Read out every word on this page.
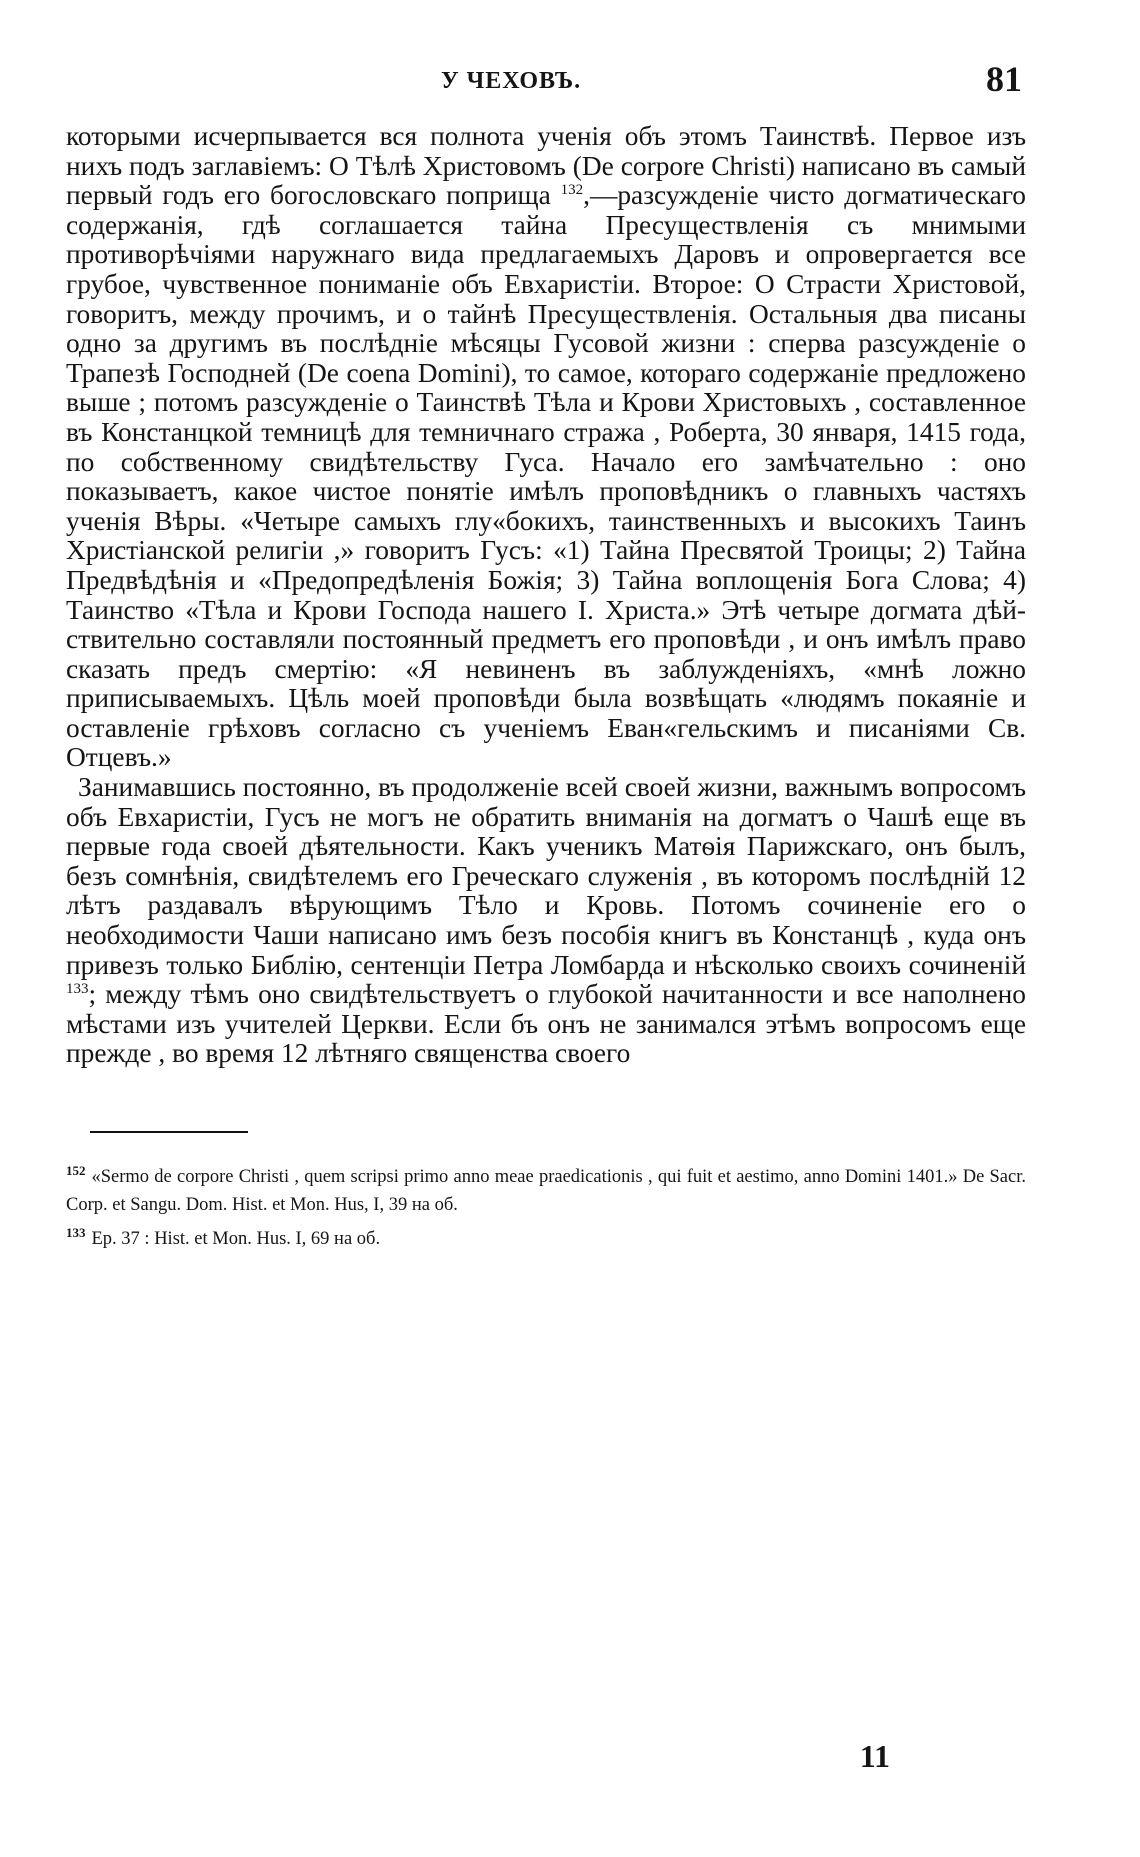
У ЧЕХОВЪ.	81

которыми исчерпывается вся полнота ученія объ этомъ Таинствѣ. Первое изъ нихъ подъ заглавіемъ: О Тѣлѣ Христовомъ (De corpore Christi) написано въ самый первый годъ его богословскаго поприща $^{132}$,—разсужденіе чисто догматическаго содержанія, гдѣ соглашается тайна Пресуществленія съ мнимыми противорѣчіями наружнаго вида предлагаемыхъ Даровъ и опровергается все грубое, чувственное пониманіе объ Евхаристіи. Второе: О Страсти Христовой, говоритъ, между прочимъ, и о тайнѣ Пресуществленія. Остальныя два писаны одно за другимъ въ послѣдніе мѣсяцы Гусовой жизни : сперва разсужденіе о Трапезѣ Господней (De coena Domini), то самое, котораго содержаніе предложено выше ; потомъ разсужденіе о Таинствѣ Тѣла и Крови Христовыхъ , составленное въ Констанцкой темницѣ для темничнаго стража , Роберта, 30 января, 1415 года, по собственному свидѣтельству Гуса. Начало его замѣчательно : оно показываетъ, какое чистое понятіе имѣлъ проповѣдникъ о главныхъ частяхъ ученія Вѣры. «Четыре самыхъ глу«бокихъ, таинственныхъ и высокихъ Таинъ Христіанской религіи ,» говоритъ Гусъ: «1) Тайна Пресвятой Троицы; 2) Тайна Предвѣдѣнія и «Предопредѣленія Божія; 3) Тайна воплощенія Бога Слова; 4) Таинство «Тѣла и Крови Господа нашего І. Христа.» Этѣ четыре догмата дѣйствительно составляли постоянный предметъ его проповѣди , и онъ имѣлъ право сказать предъ смертію: «Я невиненъ въ заблужденіяхъ, «мнѣ ложно приписываемыхъ. Цѣль моей проповѣди была возвѣщать «людямъ покаяніе и оставленіе грѣховъ согласно съ ученіемъ Еван«гельскимъ и писаніями Св. Отцевъ.»

Занимавшись постоянно, въ продолженіе всей своей жизни, важнымъ вопросомъ объ Евхаристіи, Гусъ не могъ не обратить вниманія на догматъ о Чашѣ еще въ первые года своей дѣятельности. Какъ ученикъ Матѳія Парижскаго, онъ былъ, безъ сомнѣнія, свидѣтелемъ его Греческаго служенія , въ которомъ послѣдній 12 лѣтъ раздавалъ вѣрующимъ Тѣло и Кровь. Потомъ сочиненіе его о необходимости Чаши написано имъ безъ пособія книгъ въ Констанцѣ , куда онъ привезъ только Библію, сентенціи Петра Ломбарда и нѣсколько своихъ сочиненій $^{133}$; между тѣмъ оно свидѣтельствуетъ о глубокой начитанности и все наполнено мѣстами изъ учителей Церкви. Если бъ онъ не занимался этѣмъ вопросомъ еще прежде , во время 12 лѣтняго священства своего

$^{152}$ «Sermo de corpore Christi , quem scripsi primo anno meae praedicationis , qui fuit et aestimo, anno Domini 1401.» De Sacr. Corp. et Sangu. Dom. Hist. et Mon. Hus, I, 39 на об.

$^{133}$ Ep. 37 : Hist. et Mon. Hus. I, 69 на об.

11
